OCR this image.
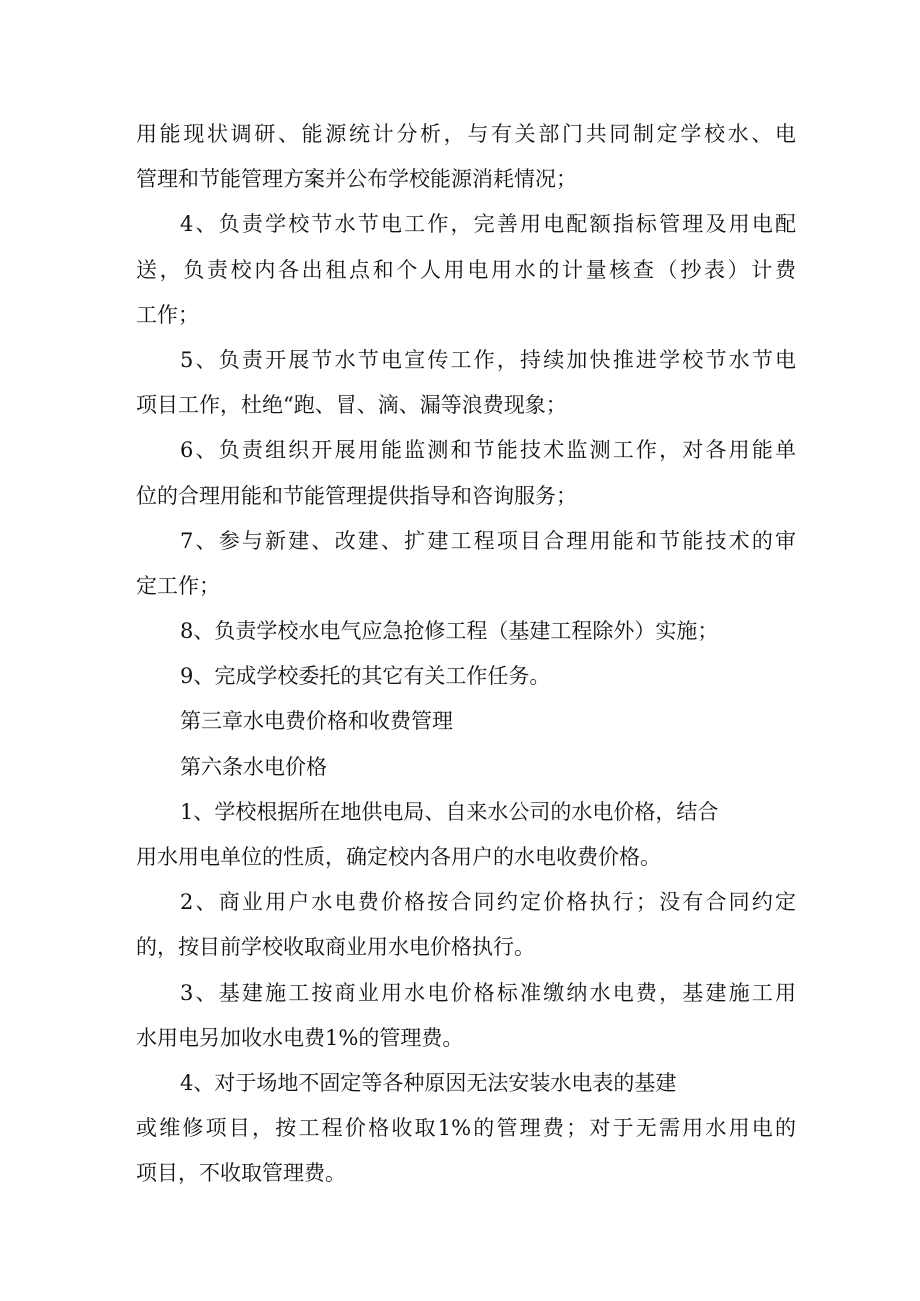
用能现状调研、能源统计分析，与有关部门共同制定学校水、电
管理和节能管理方案并公布学校能源消耗情况；
4、负责学校节水节电工作，完善用电配额指标管理及用电配
送，负责校内各出租点和个人用电用水的计量核查（抄表）计费
工作；
5、负责开展节水节电宣传工作，持续加快推进学校节水节电
项目工作，杜绝“跑、冒、滴、漏等浪费现象；
6、负责组织开展用能监测和节能技术监测工作，对各用能单
位的合理用能和节能管理提供指导和咨询服务；
7、参与新建、改建、扩建工程项目合理用能和节能技术的审
定工作；
8、负责学校水电气应急抢修工程（基建工程除外）实施；
9、完成学校委托的其它有关工作任务。
第三章水电费价格和收费管理
第六条水电价格
1、学校根据所在地供电局、自来水公司的水电价格，结合
用水用电单位的性质，确定校内各用户的水电收费价格。
2、商业用户水电费价格按合同约定价格执行；没有合同约定
的，按目前学校收取商业用水电价格执行。
3、基建施工按商业用水电价格标准缴纳水电费，基建施工用
水用电另加收水电费1%的管理费。
4、对于场地不固定等各种原因无法安装水电表的基建
或维修项目，按工程价格收取1%的管理费；对于无需用水用电的
项目，不收取管理费。
